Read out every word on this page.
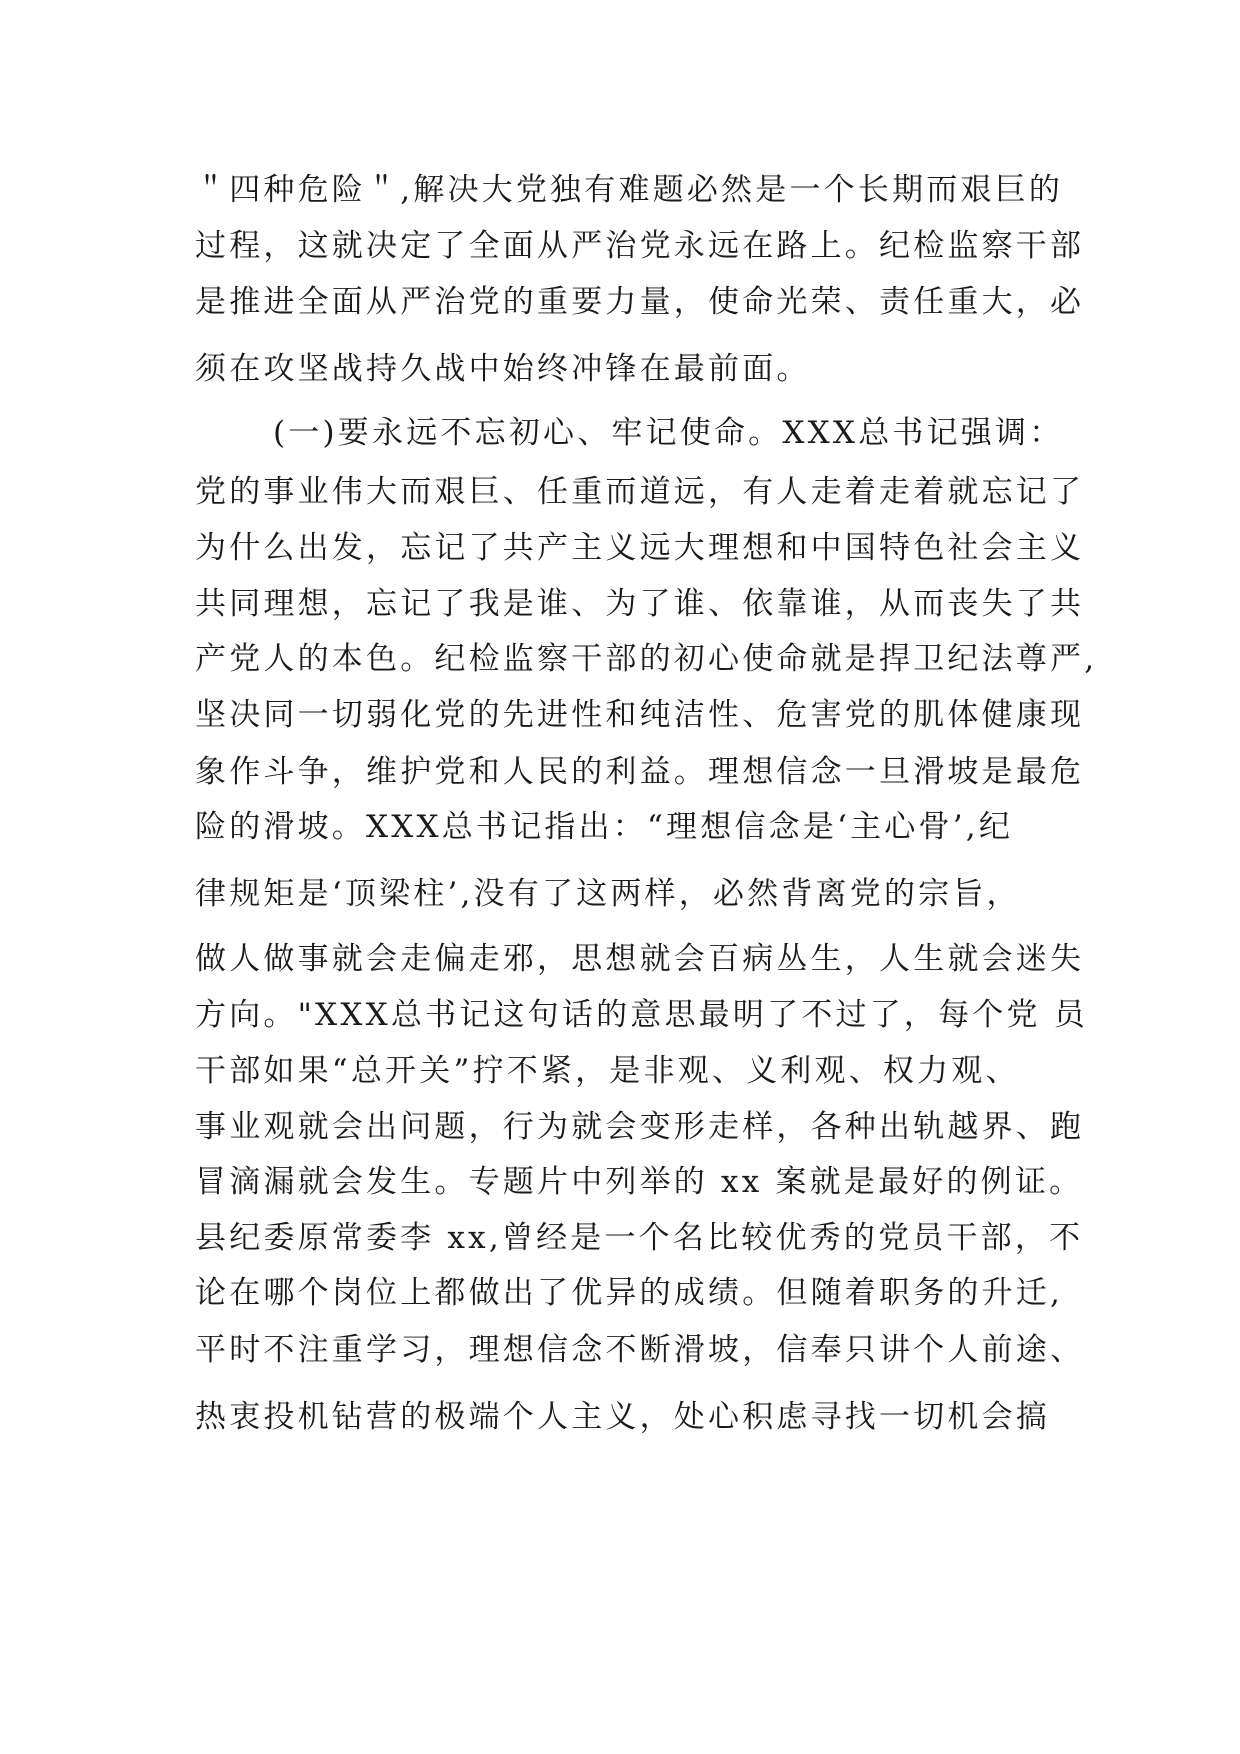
＂四种危险＂,解决大党独有难题必然是一个长期而艰巨的
过程，这就决定了全面从严治党永远在路上。纪检监察干部
是推进全面从严治党的重要力量，使命光荣、责任重大，必
须在攻坚战持久战中始终冲锋在最前面。
(一)要永远不忘初心、牢记使命。XXX总书记强调：
党的事业伟大而艰巨、任重而道远，有人走着走着就忘记了
为什么出发，忘记了共产主义远大理想和中国特色社会主义
共同理想，忘记了我是谁、为了谁、依靠谁，从而丧失了共
产党人的本色。纪检监察干部的初心使命就是捍卫纪法尊严,
坚决同一切弱化党的先进性和纯洁性、危害党的肌体健康现
象作斗争，维护党和人民的利益。理想信念一旦滑坡是最危
险的滑坡。XXX总书记指出：“理想信念是‘主心骨’,纪
律规矩是‘顶梁柱’,没有了这两样，必然背离党的宗旨，
做人做事就会走偏走邪，思想就会百病丛生，人生就会迷失
方向。"XXX总书记这句话的意思最明了不过了，每个党 员
干部如果“总开关”拧不紧，是非观、义利观、权力观、
事业观就会出问题，行为就会变形走样，各种出轨越界、跑
冒滴漏就会发生。专题片中列举的 xx 案就是最好的例证。
县纪委原常委李 xx,曾经是一个名比较优秀的党员干部，不
论在哪个岗位上都做出了优异的成绩。但随着职务的升迁,
平时不注重学习，理想信念不断滑坡，信奉只讲个人前途、
热衷投机钻营的极端个人主义，处心积虑寻找一切机会搞
